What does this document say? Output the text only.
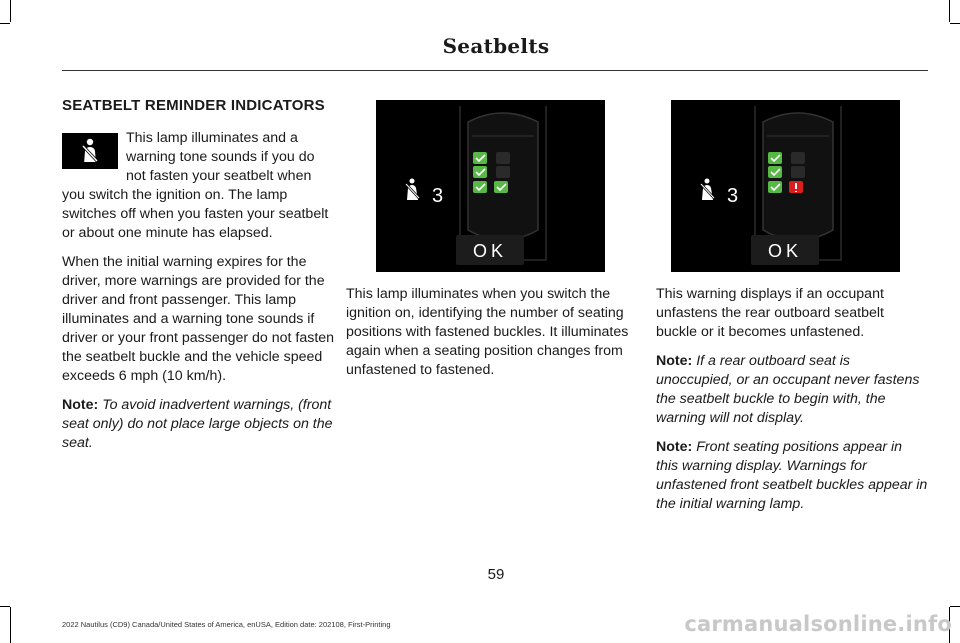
Seatbelts
SEATBELT REMINDER INDICATORS

This lamp illuminates and a warning tone sounds if you do not fasten your seatbelt when you switch the ignition on. The lamp switches off when you fasten your seatbelt or about one minute has elapsed.

When the initial warning expires for the driver, more warnings are provided for the driver and front passenger. This lamp illuminates and a warning tone sounds if driver or your front passenger do not fasten the seatbelt buckle and the vehicle speed exceeds 6 mph (10 km/h).

Note: To avoid inadvertent warnings, (front seat only) do not place large objects on the seat.

3
OK

This lamp illuminates when you switch the ignition on, identifying the number of seating positions with fastened buckles. It illuminates again when a seating position changes from unfastened to fastened.

3
OK

This warning displays if an occupant unfastens the rear outboard seatbelt buckle or it becomes unfastened.

Note: If a rear outboard seat is unoccupied, or an occupant never fastens the seatbelt buckle to begin with, the warning will not display.

Note: Front seating positions appear in this warning display. Warnings for unfastened front seatbelt buckles appear in the initial warning lamp.

59
2022 Nautilus (CD9) Canada/United States of America, enUSA, Edition date: 202108, First-Printing	carmanualsonline.info
